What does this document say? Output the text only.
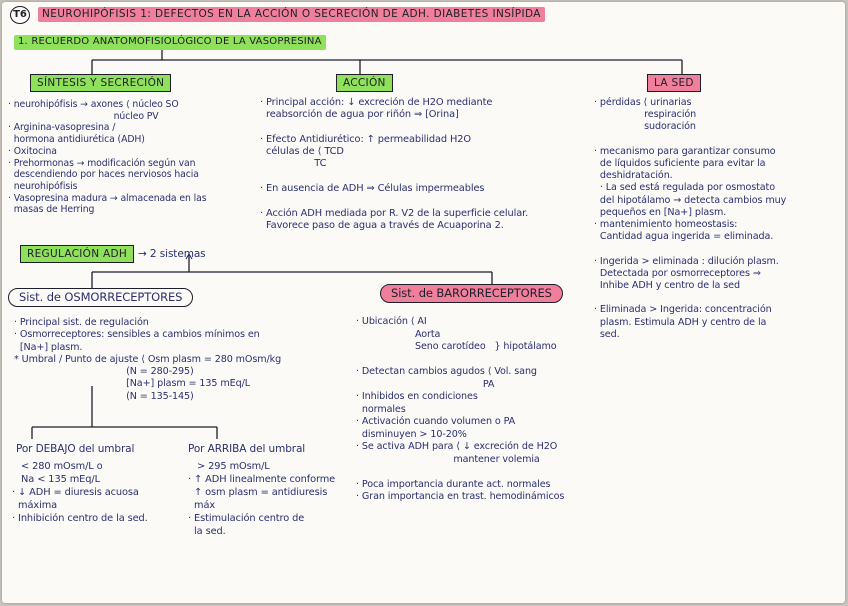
T6	NEUROHIPÓFISIS 1: DEFECTOS EN LA ACCIÓN O SECRECIÓN DE ADH. DIABETES INSÍPIDA
1. RECUERDO ANATOMOFISIOLÓGICO DE LA VASOPRESINA
SÍNTESIS Y SECRECIÓN
· neurohipófisis → axones ⟨ núcleo SO
núcleo PV
· Arginina-vasopresina /
hormona antidiurética (ADH)
· Oxitocina
· Prehormonas → modificación según van
descendiendo por haces nerviosos hacia
neurohipófisis
· Vasopresina madura → almacenada en las
masas de Herring
ACCIÓN
· Principal acción: ↓ excreción de H2O mediante
reabsorción de agua por riñón ⇒ [Orina]

· Efecto Antidiurético: ↑ permeabilidad H2O
células de ⟨ TCD
TC

· En ausencia de ADH ⇒ Células impermeables

· Acción ADH mediada por R. V2 de la superficie celular.
Favorece paso de agua a través de Acuaporina 2.
LA SED
· pérdidas ⟨ urinarias
respiración
sudoración

· mecanismo para garantizar consumo
de líquidos suficiente para evitar la
deshidratación.
· La sed está regulada por osmostato
del hipotálamo → detecta cambios muy
pequeños en [Na+] plasm.
· mantenimiento homeostasis:
Cantidad agua ingerida = eliminada.

· Ingerida > eliminada : dilución plasm.
Detectada por osmorreceptores ⇒
Inhibe ADH y centro de la sed

· Eliminada > Ingerida: concentración
plasm. Estimula ADH y centro de la
sed.
REGULACIÓN ADH	→ 2 sistemas
Sist. de OSMORRECEPTORES
· Principal sist. de regulación
· Osmorreceptores: sensibles a cambios mínimos en
[Na+] plasm.
* Umbral / Punto de ajuste ⟨ Osm plasm = 280 mOsm/kg
(N = 280-295)
[Na+] plasm = 135 mEq/L
(N = 135-145)
Por DEBAJO del umbral
< 280 mOsm/L o
Na < 135 mEq/L
· ↓ ADH = diuresis acuosa
máxima
· Inhibición centro de la sed.
Por ARRIBA del umbral
> 295 mOsm/L
· ↑ ADH linealmente conforme
↑ osm plasm = antidiuresis
máx
· Estimulación centro de
la sed.
Sist. de BARORRECEPTORES
· Ubicación ⟨ AI
Aorta
Seno carotídeo   } hipotálamo

· Detectan cambios agudos ⟨ Vol. sang
PA
· Inhibidos en condiciones
normales
· Activación cuando volumen o PA
disminuyen > 10-20%
· Se activa ADH para ⟨ ↓ excreción de H2O
mantener volemia

· Poca importancia durante act. normales
· Gran importancia en trast. hemodinámicos
